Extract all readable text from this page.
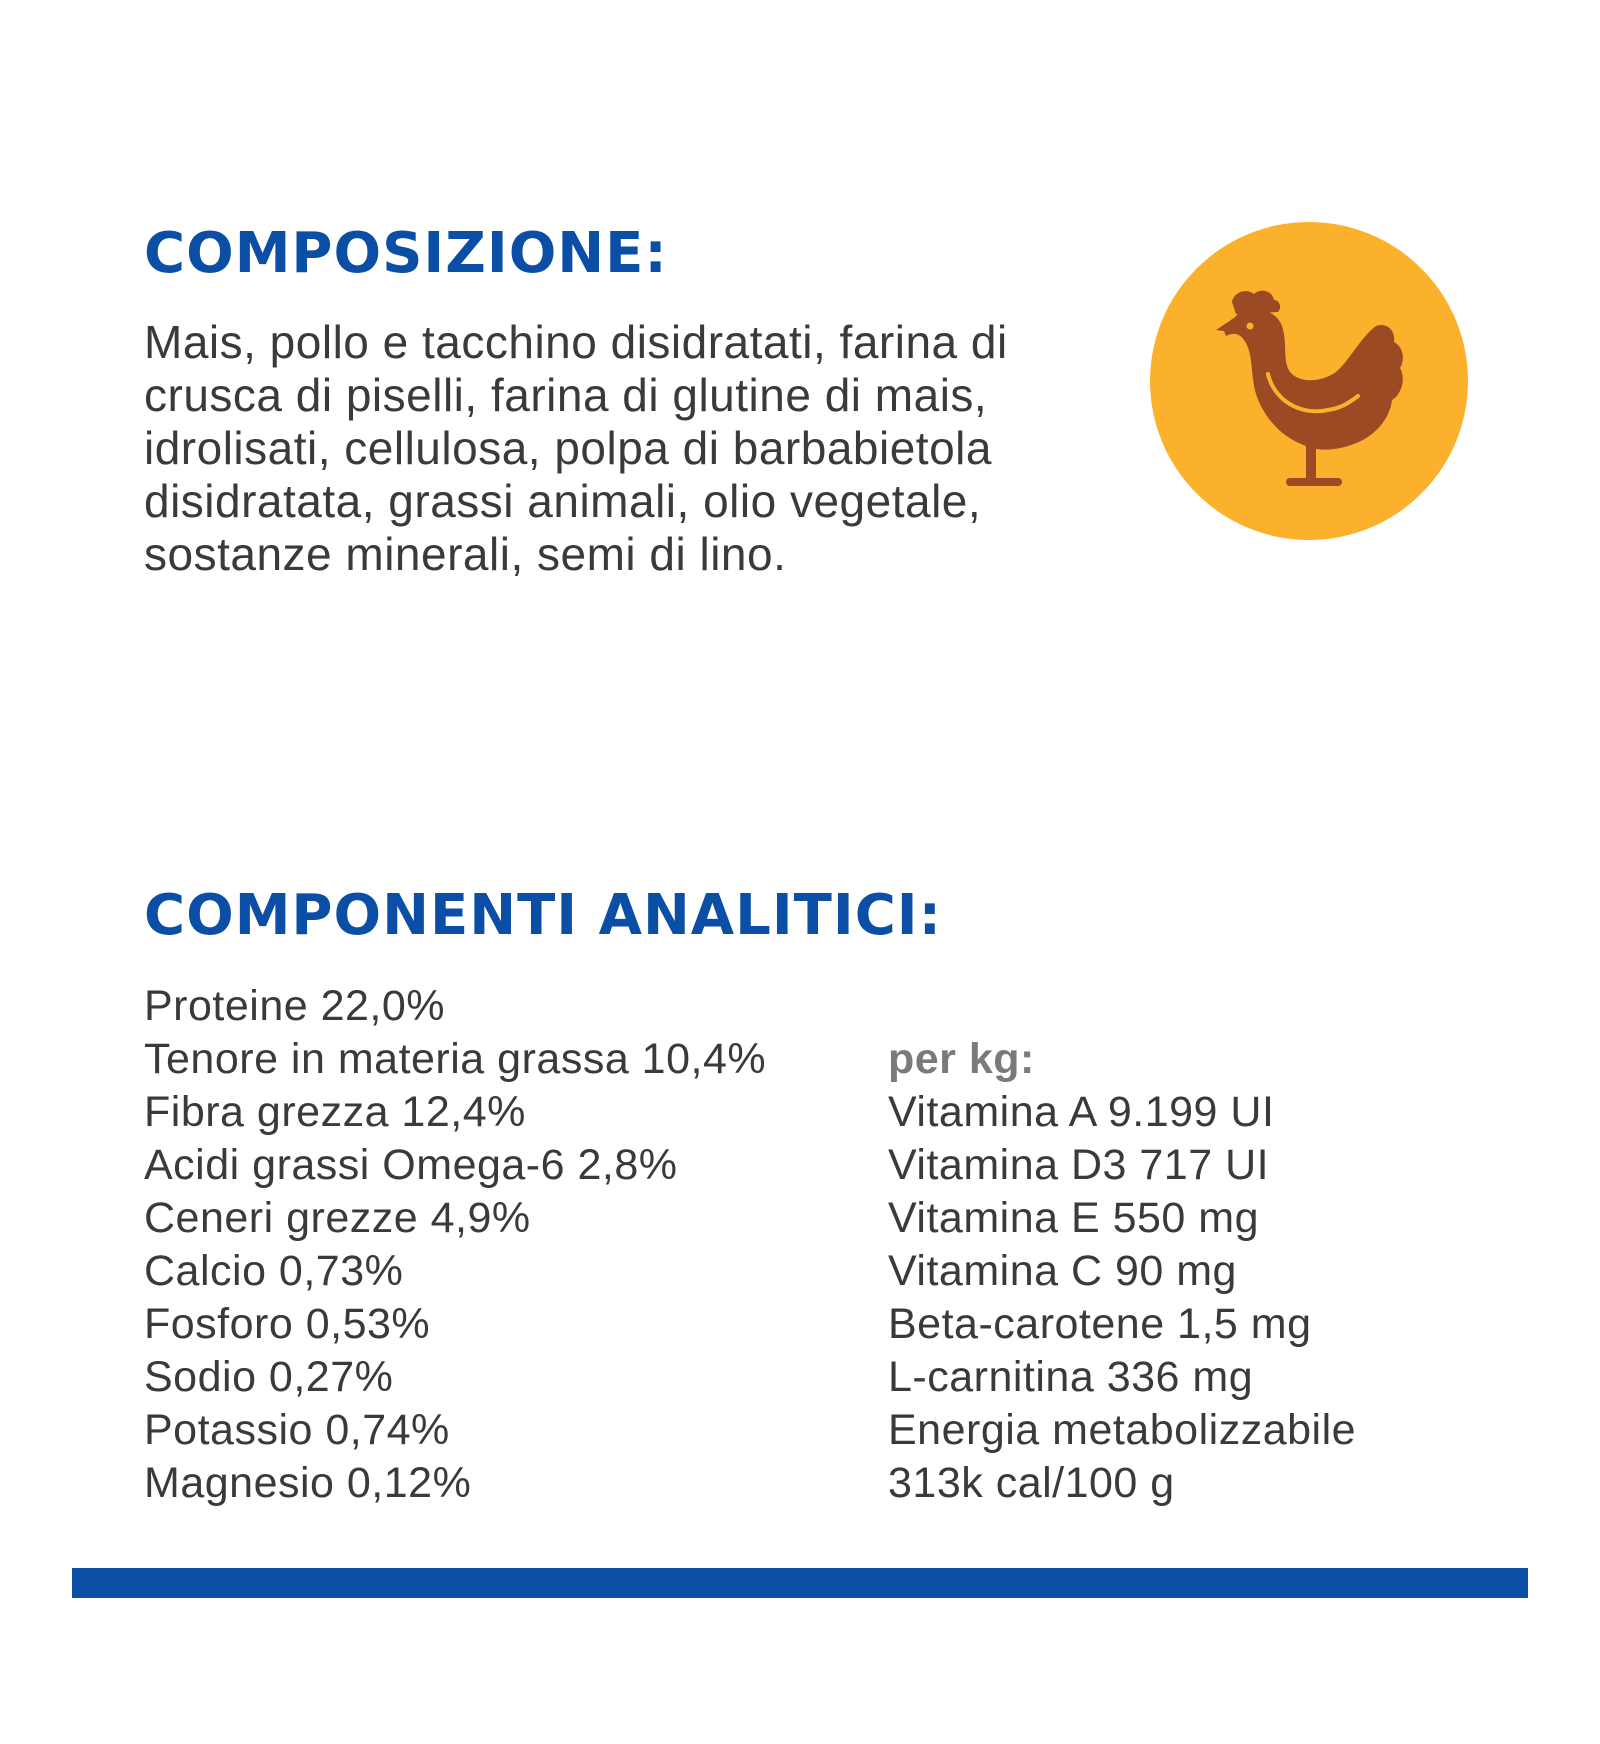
COMPOSIZIONE:

Mais, pollo e tacchino disidratati, farina di crusca di piselli, farina di glutine di mais, idrolisati, cellulosa, polpa di barbabietola disidratata, grassi animali, olio vegetale, sostanze minerali, semi di lino.

COMPONENTI ANALITICI:
Proteine 22,0%
Tenore in materia grassa 10,4%
Fibra grezza 12,4%
Acidi grassi Omega-6 2,8%
Ceneri grezze 4,9%
Calcio 0,73%
Fosforo 0,53%
Sodio 0,27%
Potassio 0,74%
Magnesio 0,12%
per kg:
Vitamina A 9.199 UI
Vitamina D3 717 UI
Vitamina E 550 mg
Vitamina C 90 mg
Beta-carotene 1,5 mg
L-carnitina 336 mg
Energia metabolizzabile
313k cal/100 g
